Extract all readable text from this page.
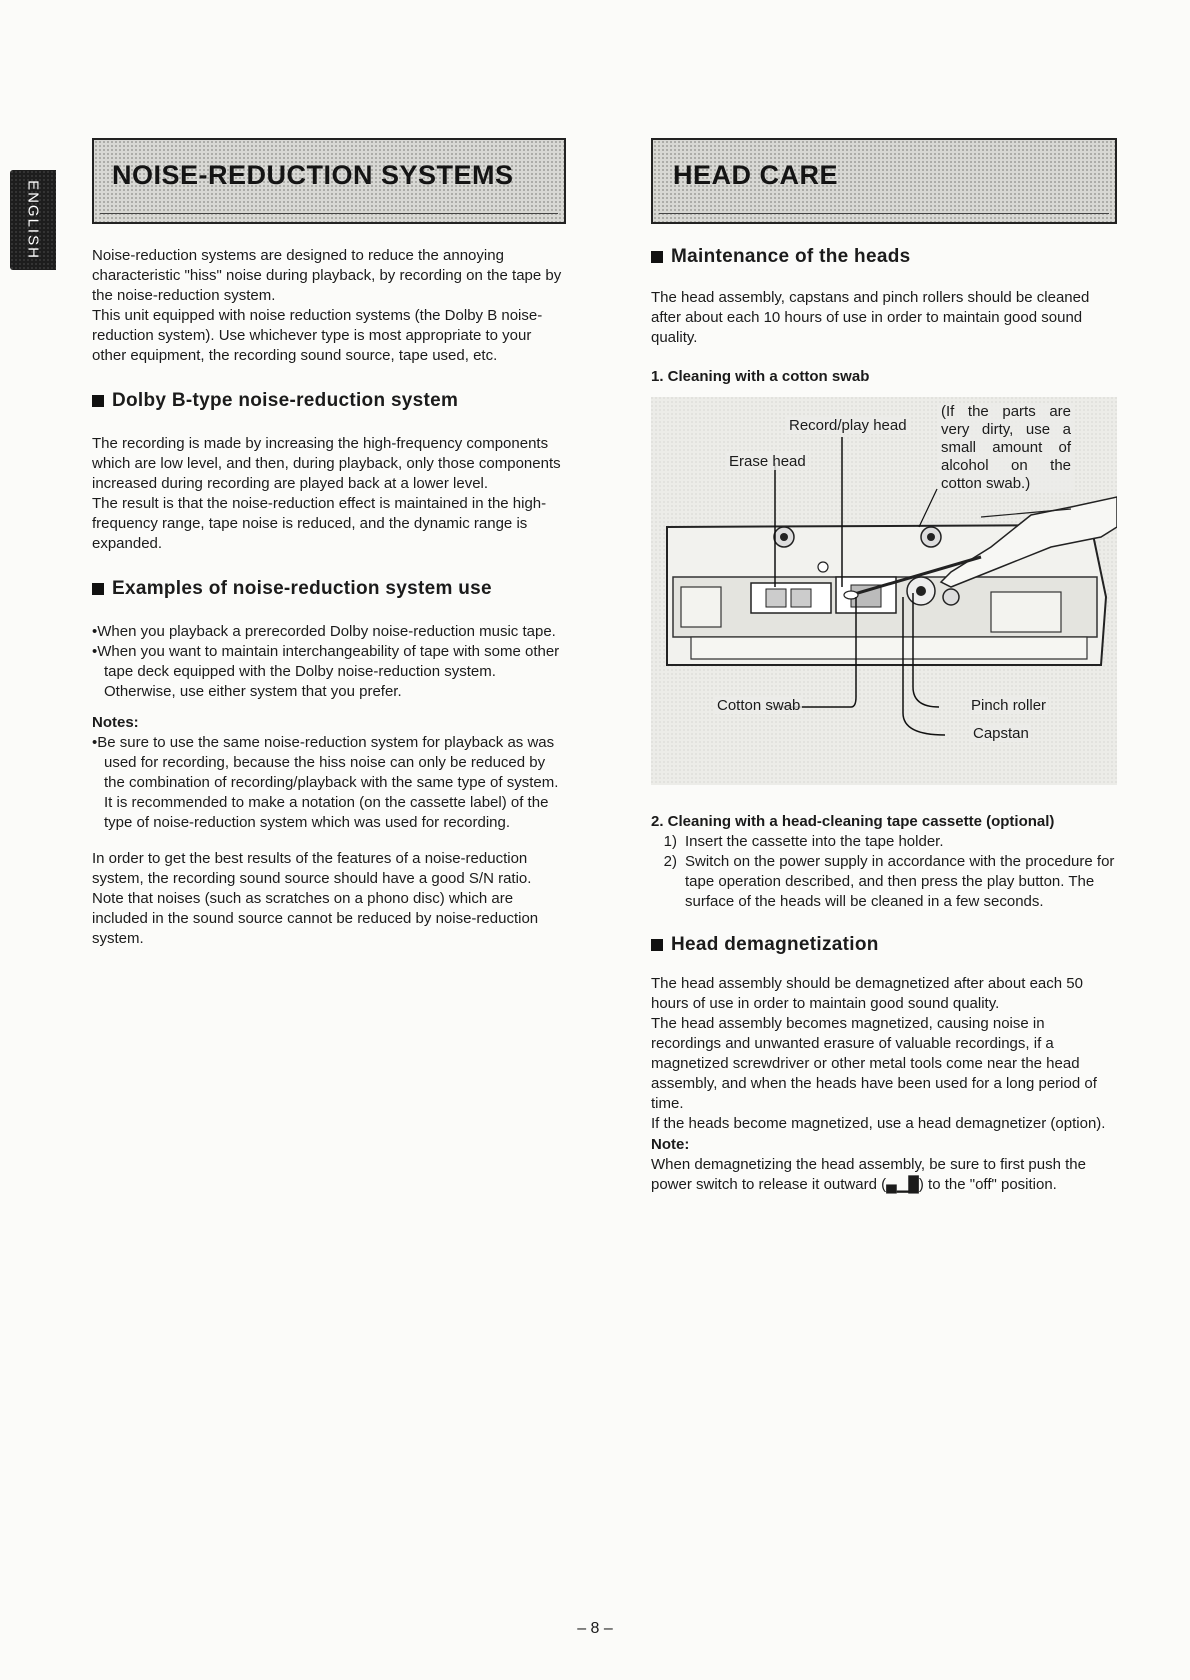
ENGLISH
NOISE-REDUCTION SYSTEMS

Noise-reduction systems are designed to reduce the annoying characteristic "hiss" noise during playback, by recording on the tape by the noise-reduction system.

This unit equipped with noise reduction systems (the Dolby B noise-reduction system). Use whichever type is most appropriate to your other equipment, the recording sound source, tape used, etc.

Dolby B-type noise-reduction system

The recording is made by increasing the high-frequency components which are low level, and then, during playback, only those components increased during recording are played back at a lower level.

The result is that the noise-reduction effect is maintained in the high-frequency range, tape noise is reduced, and the dynamic range is expanded.

Examples of noise-reduction system use

•When you playback a prerecorded Dolby noise-reduction music tape.

•When you want to maintain interchangeability of tape with some other tape deck equipped with the Dolby noise-reduction system. Otherwise, use either system that you prefer.

Notes:

•Be sure to use the same noise-reduction system for playback as was used for recording, because the hiss noise can only be reduced by the combination of recording/playback with the same type of system.

It is recommended to make a notation (on the cassette label) of the type of noise-reduction system which was used for recording.

In order to get the best results of the features of a noise-reduction system, the recording sound source should have a good S/N ratio.

Note that noises (such as scratches on a phono disc) which are included in the sound source cannot be reduced by noise-reduction system.

HEAD CARE
Maintenance of the heads

The head assembly, capstans and pinch rollers should be cleaned after about each 10 hours of use in order to maintain good sound quality.

1. Cleaning with a cotton swab
Record/play head
Erase head
(If the parts are very dirty, use a small amount of alcohol on the cotton swab.)
Cotton swab	Pinch roller
Capstan
2. Cleaning with a head-cleaning tape cassette (optional)
1) Insert the cassette into the tape holder.
2) Switch on the power supply in accordance with the procedure for tape operation described, and then press the play button. The surface of the heads will be cleaned in a few seconds.
Head demagnetization

The head assembly should be demagnetized after about each 50 hours of use in order to maintain good sound quality.

The head assembly becomes magnetized, causing noise in recordings and unwanted erasure of valuable recordings, if a magnetized screwdriver or other metal tools come near the head assembly, and when the heads have been used for a long period of time.

If the heads become magnetized, use a head demagnetizer (option).

Note:

When demagnetizing the head assembly, be sure to first push the power switch to release it outward (▄▁█) to the "off" position.

– 8 –
